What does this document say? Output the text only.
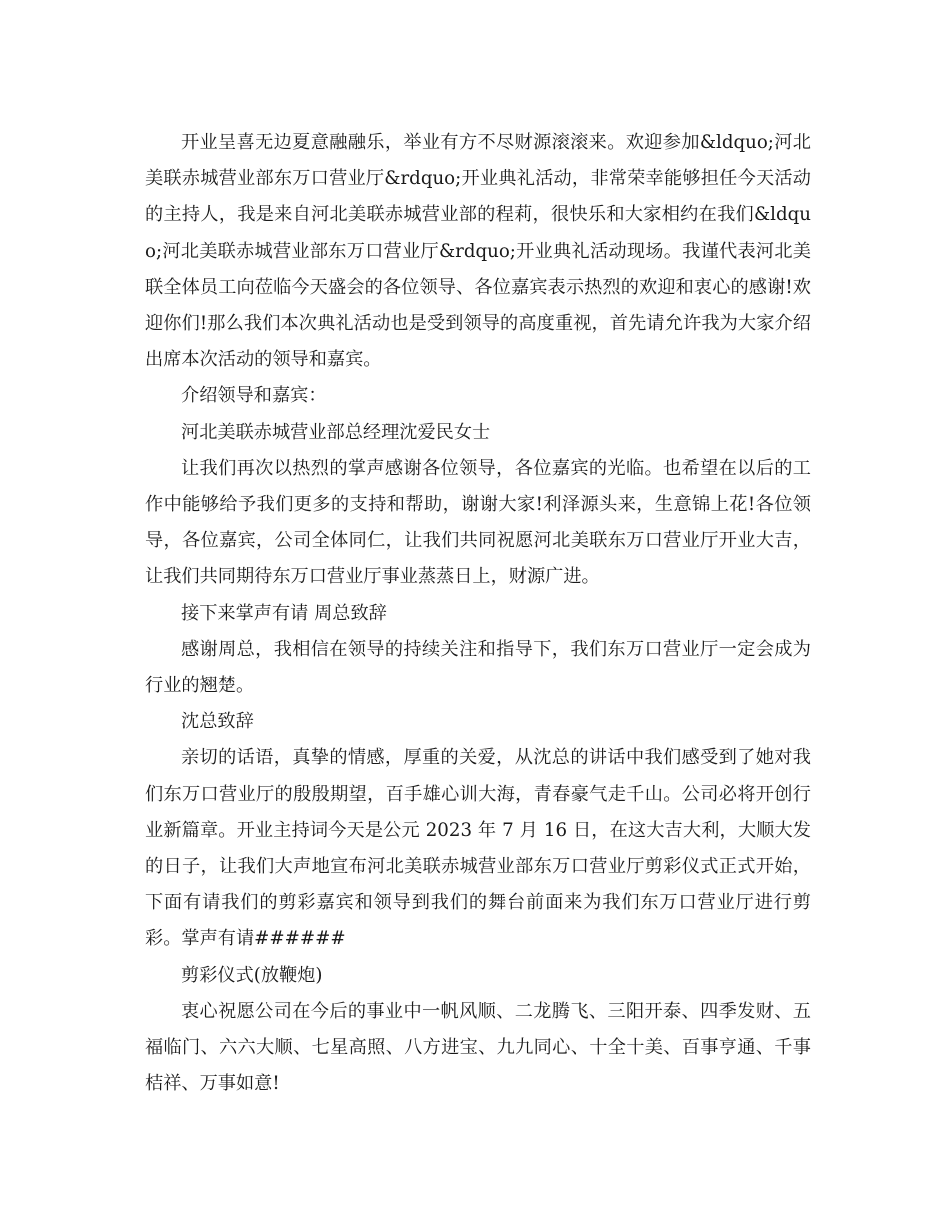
开业呈喜无边夏意融融乐，举业有方不尽财源滚滚来。欢迎参加&ldquo;河北美联赤城营业部东万口营业厅&rdquo;开业典礼活动，非常荣幸能够担任今天活动的主持人，我是来自河北美联赤城营业部的程莉，很快乐和大家相约在我们&ldquo;河北美联赤城营业部东万口营业厅&rdquo;开业典礼活动现场。我谨代表河北美联全体员工向莅临今天盛会的各位领导、各位嘉宾表示热烈的欢迎和衷心的感谢!欢迎你们!那么我们本次典礼活动也是受到领导的高度重视，首先请允许我为大家介绍出席本次活动的领导和嘉宾。

介绍领导和嘉宾：

河北美联赤城营业部总经理沈爱民女士

让我们再次以热烈的掌声感谢各位领导，各位嘉宾的光临。也希望在以后的工作中能够给予我们更多的支持和帮助，谢谢大家!利泽源头来，生意锦上花!各位领导，各位嘉宾，公司全体同仁，让我们共同祝愿河北美联东万口营业厅开业大吉，让我们共同期待东万口营业厅事业蒸蒸日上，财源广进。

接下来掌声有请 周总致辞

感谢周总，我相信在领导的持续关注和指导下，我们东万口营业厅一定会成为行业的翘楚。

沈总致辞

亲切的话语，真挚的情感，厚重的关爱，从沈总的讲话中我们感受到了她对我们东万口营业厅的殷殷期望，百手雄心训大海，青春豪气走千山。公司必将开创行业新篇章。开业主持词今天是公元 2023 年 7 月 16 日，在这大吉大利，大顺大发的日子，让我们大声地宣布河北美联赤城营业部东万口营业厅剪彩仪式正式开始，下面有请我们的剪彩嘉宾和领导到我们的舞台前面来为我们东万口营业厅进行剪彩。掌声有请######

剪彩仪式(放鞭炮)

衷心祝愿公司在今后的事业中一帆风顺、二龙腾飞、三阳开泰、四季发财、五福临门、六六大顺、七星高照、八方进宝、九九同心、十全十美、百事亨通、千事桔祥、万事如意!
